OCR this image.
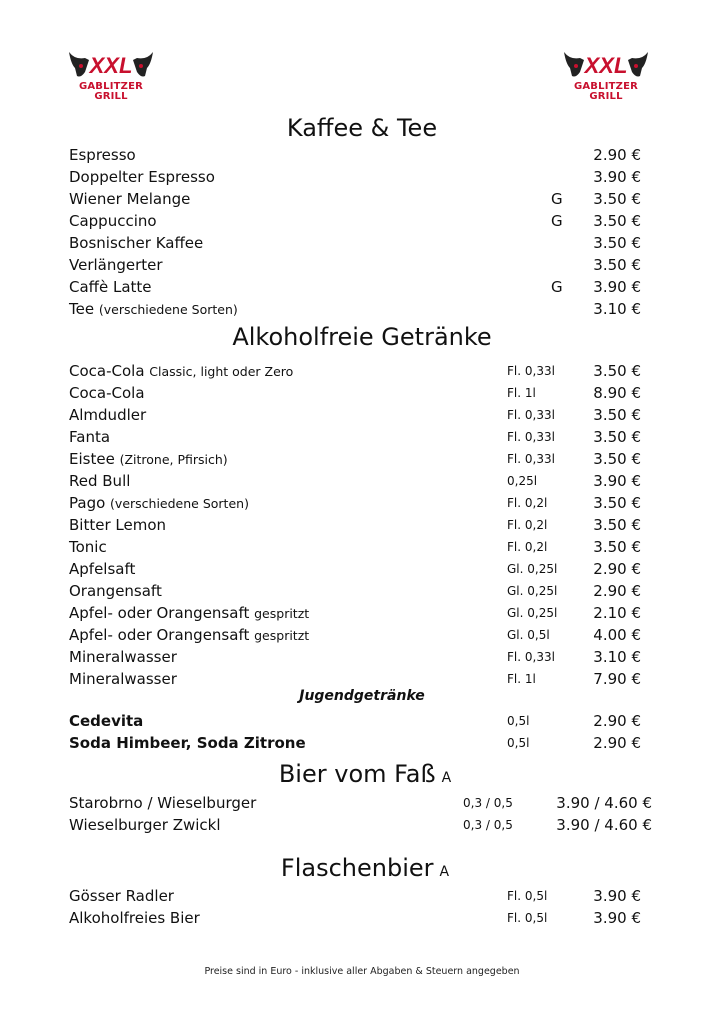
XXL
GABLITZER
GRILL
XXL
GABLITZER
GRILL
Kaffee & Tee
Espresso	2.90 €
Doppelter Espresso	3.90 €
Wiener Melange	G 3.50 €
Cappuccino	G 3.50 €
Bosnischer Kaffee	3.50 €
Verlängerter	3.50 €
Caffè Latte	G 3.90 €
Tee (verschiedene Sorten)	3.10 €
Alkoholfreie Getränke
Coca-Cola Classic, light oder Zero	Fl. 0,33l	3.50 €
Coca-Cola	Fl. 1l	8.90 €
Almdudler	Fl. 0,33l	3.50 €
Fanta	Fl. 0,33l	3.50 €
Eistee (Zitrone, Pfirsich)	Fl. 0,33l	3.50 €
Red Bull	0,25l	3.90 €
Pago (verschiedene Sorten)	Fl. 0,2l	3.50 €
Bitter Lemon	Fl. 0,2l	3.50 €
Tonic	Fl. 0,2l	3.50 €
Apfelsaft	Gl. 0,25l 2.90 €
Orangensaft	Gl. 0,25l 2.90 €
Apfel- oder Orangensaft gespritzt	Gl. 0,25l 2.10 €
Apfel- oder Orangensaft gespritzt	Gl. 0,5l	4.00 €
Mineralwasser	Fl. 0,33l	3.10 €
Mineralwasser	Fl. 1l	7.90 €
Jugendgetränke
Cedevita	0,5l	2.90 €
Soda Himbeer, Soda Zitrone	0,5l	2.90 €
Bier vom Faß A
Starobrno / Wieselburger	0,3 / 0,5	3.90 / 4.60 €
Wieselburger Zwickl	0,3 / 0,5	3.90 / 4.60 €
Flaschenbier A
Gösser Radler	Fl. 0,5l	3.90 €
Alkoholfreies Bier	Fl. 0,5l	3.90 €
Preise sind in Euro - inklusive aller Abgaben & Steuern angegeben
